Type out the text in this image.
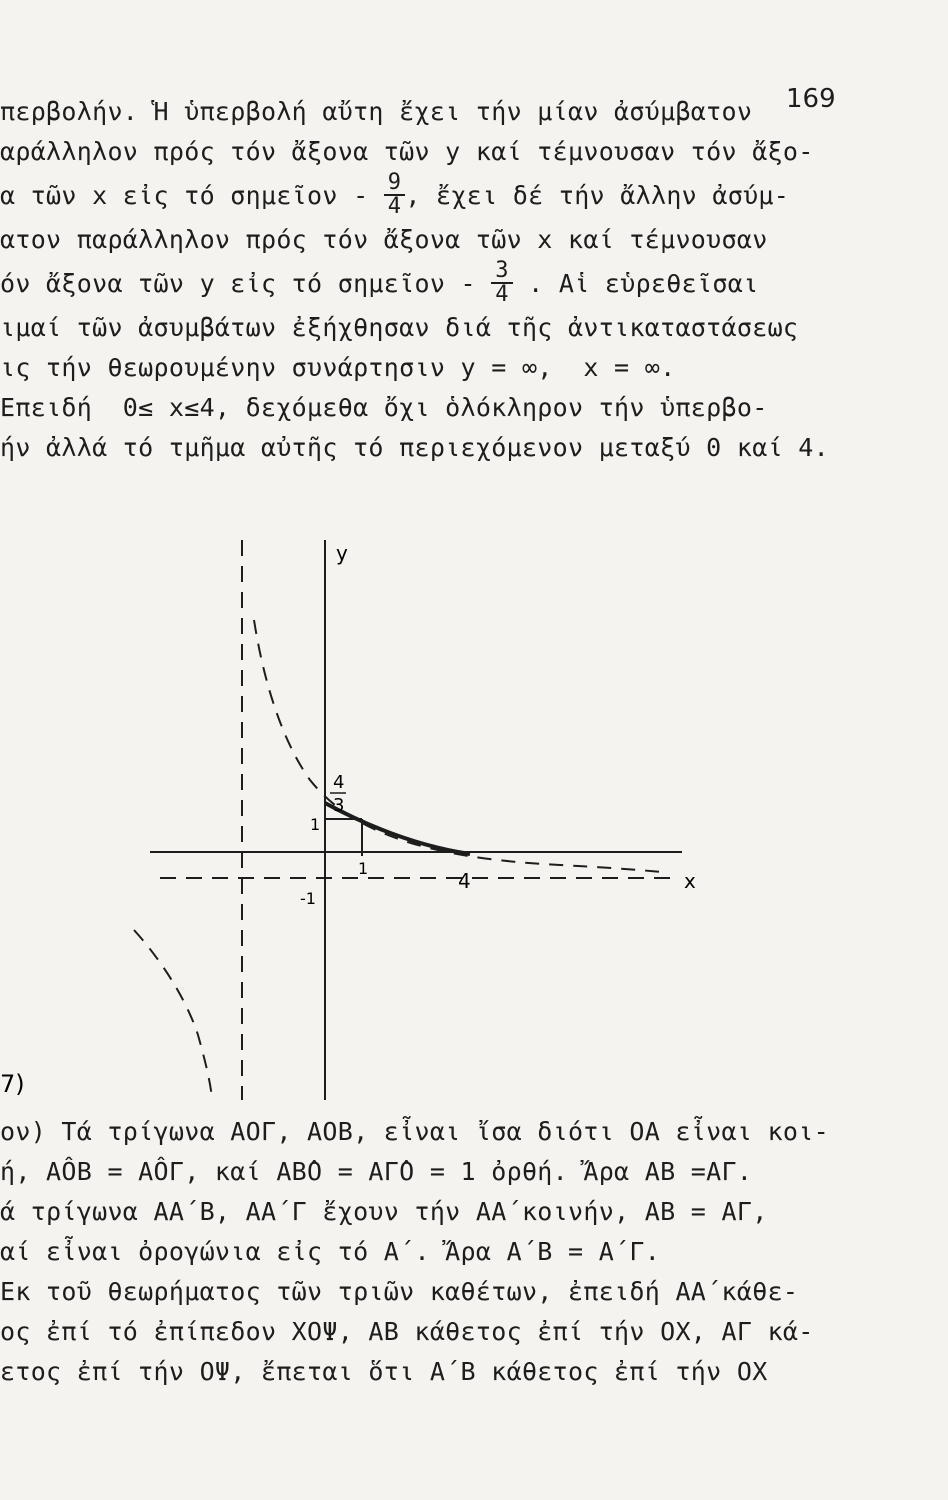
169
περβολήν. Ἡ ὑπερβολή αὔτη ἔχει τήν μίαν ἀσύμβατον
αράλληλον πρός τόν ἄξονα τῶν y καί τέμνουσαν τόν ἄξο-
α τῶν x εἰς τό σημεῖον - $\frac{9}{4}$ , ἔχει δέ τήν ἄλλην ἀσύμ-
ατον παράλληλον πρός τόν ἄξονα τῶν x καί τέμνουσαν
όν ἄξονα τῶν y εἰς τό σημεῖον - $\frac{3}{4}$ . Αἱ εὑρεθεῖσαι
ιμαί τῶν ἀσυμβάτων ἐξήχθησαν διά τῆς ἀντικαταστάσεως
ις τήν θεωρουμένην συνάρτησιν y = ∞,  x = ∞.
Επειδή  0≤ x≤4, δεχόμεθα ὄχι ὁλόκληρον τήν ὑπερβο-
ήν ἀλλά τό τμῆμα αὐτῆς τό περιεχόμενον μεταξύ 0 καί 4.
y
x
4
3
1
1
4
-1
7)
ον) Τά τρίγωνα ΑΟΓ, ΑΟΒ, εἶναι ἴσα διότι ΟΑ εἶναι κοι-
ή, ΑÔΒ = ΑÔΓ, καί ΑΒ̂Ο = ΑΓ̂Ο = 1 ὀρθή. Ἄρα ΑΒ =ΑΓ.
ά τρίγωνα ΑΑ΄Β, ΑΑ΄Γ ἔχουν τήν ΑΑ΄κοινήν, ΑΒ = ΑΓ,
αί εἶναι ὀρογώνια εἰς τό Α΄. Ἄρα Α΄Β = Α΄Γ.
Εκ τοῦ θεωρήματος τῶν τριῶν καθέτων, ἐπειδή ΑΑ΄κάθε-
ος ἐπί τό ἐπίπεδον ΧΟΨ, ΑΒ κάθετος ἐπί τήν ΟΧ, ΑΓ κά-
ετος ἐπί τήν ΟΨ, ἔπεται ὅτι Α΄Β κάθετος ἐπί τήν ΟΧ
